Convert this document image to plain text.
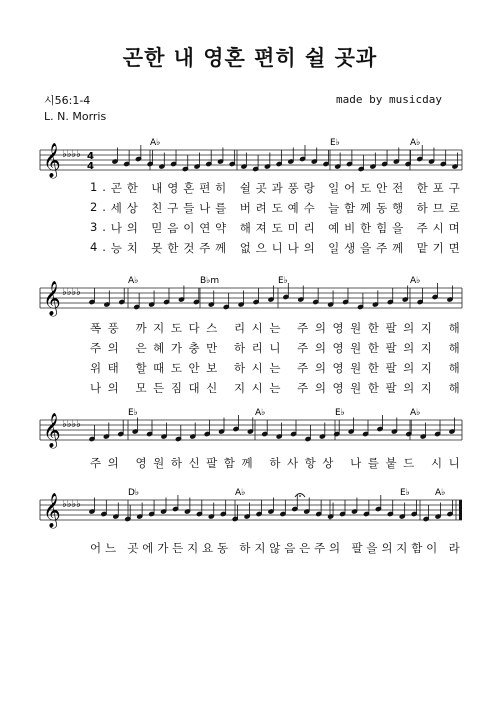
곤한 내 영혼 편히 쉴 곳과
시56:1-4
L. N. Morris
made by musicday
𝄞 ♭♭♭♭ 4
4
A♭	E♭	A♭
1 . 곤 한
내 영 혼 편 히
쉴 곳 과 풍 랑
일 어 도 안 전
한 포 구
2 . 세 상
친 구 들 나 를
버 려 도 예 수
늘 함 께 동 행
하 므 로
3 . 나 의
믿 음 이 연 약
해 져 도 미 리
예 비 한 힘 을
주 시 며
4 . 능 치
못 한 것 주 께
없 으 니 나 의
일 생 을 주 께
맡 기 면
𝄞 ♭♭♭♭
A♭	B♭m	E♭	A♭
폭 풍
까 지 도 다 스
리 시 는
주 의 영 원 한 팔 의 지
해
주 의
은 혜 가 충 만
하 리 니
주 의 영 원 한 팔 의 지
해
위 태
할 때 도 안 보
하 시 는
주 의 영 원 한 팔 의 지
해
나 의
모 든 짐 대 신
지 시 는
주 의 영 원 한 팔 의 지
해
𝄞 ♭♭♭♭
E♭	A♭	E♭	A♭
주 의
영 원 하 신 팔 함 께
하 사 항 상
나 를 붙 드
시 니
𝄞 ♭♭♭♭
D♭	A♭	E♭	A♭
어 느
곳 에 가 든 지 요 동
하 지 않 음 은 주 의
팔 을 의 지 함 이
라
